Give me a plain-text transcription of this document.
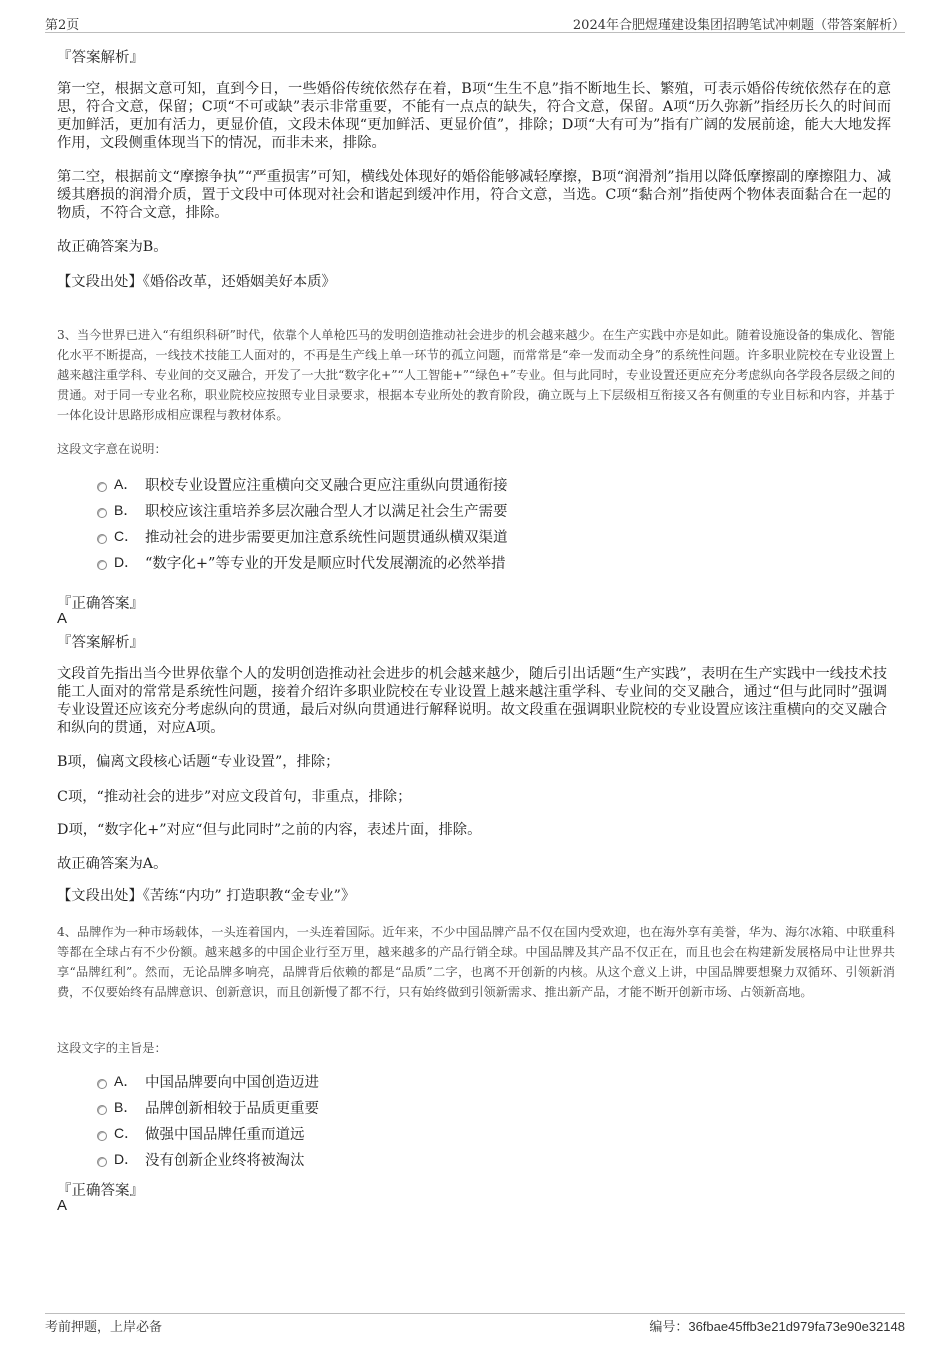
第2页	2024年合肥煜瑾建设集团招聘笔试冲刺题（带答案解析）
『答案解析』
第一空，根据文意可知，直到今日，一些婚俗传统依然存在着，B项“生生不息”指不断地生长、繁殖，可表示婚俗传统依然存在的意思，符合文意，保留；C项“不可或缺”表示非常重要，不能有一点点的缺失，符合文意，保留。A项“历久弥新”指经历长久的时间而更加鲜活，更加有活力，更显价值，文段未体现“更加鲜活、更显价值”，排除；D项“大有可为”指有广阔的发展前途，能大大地发挥作用，文段侧重体现当下的情况，而非未来，排除。
第二空，根据前文“摩擦争执”“严重损害”可知，横线处体现好的婚俗能够减轻摩擦，B项“润滑剂”指用以降低摩擦副的摩擦阻力、减缓其磨损的润滑介质，置于文段中可体现对社会和谐起到缓冲作用，符合文意，当选。C项“黏合剂”指使两个物体表面黏合在一起的物质，不符合文意，排除。
故正确答案为B。
【文段出处】《婚俗改革，还婚姻美好本质》
3、当今世界已进入“有组织科研”时代，依靠个人单枪匹马的发明创造推动社会进步的机会越来越少。在生产实践中亦是如此。随着设施设备的集成化、智能化水平不断提高，一线技术技能工人面对的，不再是生产线上单一环节的孤立问题，而常常是“牵一发而动全身”的系统性问题。许多职业院校在专业设置上越来越注重学科、专业间的交叉融合，开发了一大批“数字化+”“人工智能+”“绿色+”专业。但与此同时，专业设置还更应充分考虑纵向各学段各层级之间的贯通。对于同一专业名称，职业院校应按照专业目录要求，根据本专业所处的教育阶段，确立既与上下层级相互衔接又各有侧重的专业目标和内容，并基于一体化设计思路形成相应课程与教材体系。
这段文字意在说明：
A． 职校专业设置应注重横向交叉融合更应注重纵向贯通衔接
B． 职校应该注重培养多层次融合型人才以满足社会生产需要
C． 推动社会的进步需要更加注意系统性问题贯通纵横双渠道
D． “数字化+”等专业的开发是顺应时代发展潮流的必然举措
『正确答案』
A
『答案解析』
文段首先指出当今世界依靠个人的发明创造推动社会进步的机会越来越少，随后引出话题“生产实践”，表明在生产实践中一线技术技能工人面对的常常是系统性问题，接着介绍许多职业院校在专业设置上越来越注重学科、专业间的交叉融合，通过“但与此同时”强调专业设置还应该充分考虑纵向的贯通，最后对纵向贯通进行解释说明。故文段重在强调职业院校的专业设置应该注重横向的交叉融合和纵向的贯通，对应A项。
B项，偏离文段核心话题“专业设置”，排除；
C项，“推动社会的进步”对应文段首句，非重点，排除；
D项，“数字化+”对应“但与此同时”之前的内容，表述片面，排除。
故正确答案为A。
【文段出处】《苦练“内功” 打造职教“金专业”》
4、品牌作为一种市场载体，一头连着国内，一头连着国际。近年来，不少中国品牌产品不仅在国内受欢迎，也在海外享有美誉，华为、海尔冰箱、中联重科等都在全球占有不少份额。越来越多的中国企业行至万里，越来越多的产品行销全球。中国品牌及其产品不仅正在，而且也会在构建新发展格局中让世界共享“品牌红利”。然而，无论品牌多响亮，品牌背后依赖的都是“品质”二字，也离不开创新的内核。从这个意义上讲，中国品牌要想聚力双循环、引领新消费，不仅要始终有品牌意识、创新意识，而且创新慢了都不行，只有始终做到引领新需求、推出新产品，才能不断开创新市场、占领新高地。
这段文字的主旨是：
A． 中国品牌要向中国创造迈进
B． 品牌创新相较于品质更重要
C． 做强中国品牌任重而道远
D． 没有创新企业终将被淘汰
『正确答案』
A
考前押题，上岸必备	编号：36fbae45ffb3e21d979fa73e90e32148
